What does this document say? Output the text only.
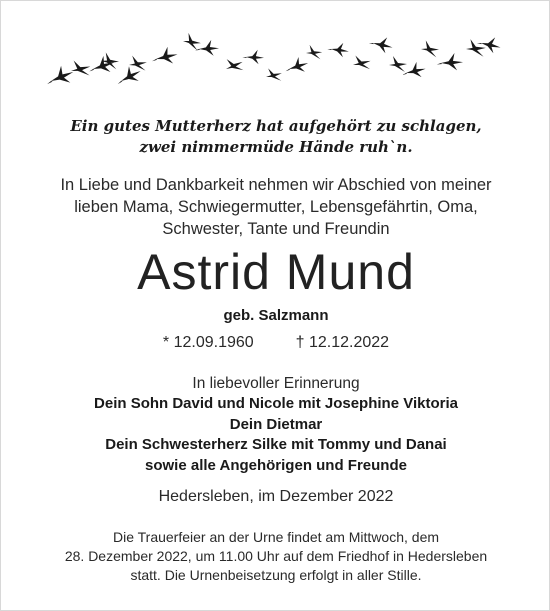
Ein gutes Mutterherz hat aufgehört zu schlagen,
zwei nimmermüde Hände ruh`n.
In Liebe und Dankbarkeit nehmen wir Abschied von meiner
lieben Mama, Schwiegermutter, Lebensgefährtin, Oma,
Schwester, Tante und Freundin
Astrid Mund
geb. Salzmann
* 12.09.1960	† 12.12.2022
In liebevoller Erinnerung
Dein Sohn David und Nicole mit Josephine Viktoria
Dein Dietmar
Dein Schwesterherz Silke mit Tommy und Danai
sowie alle Angehörigen und Freunde
Hedersleben, im Dezember 2022
Die Trauerfeier an der Urne findet am Mittwoch, dem
28. Dezember 2022, um 11.00 Uhr auf dem Friedhof in Hedersleben
statt. Die Urnenbeisetzung erfolgt in aller Stille.
